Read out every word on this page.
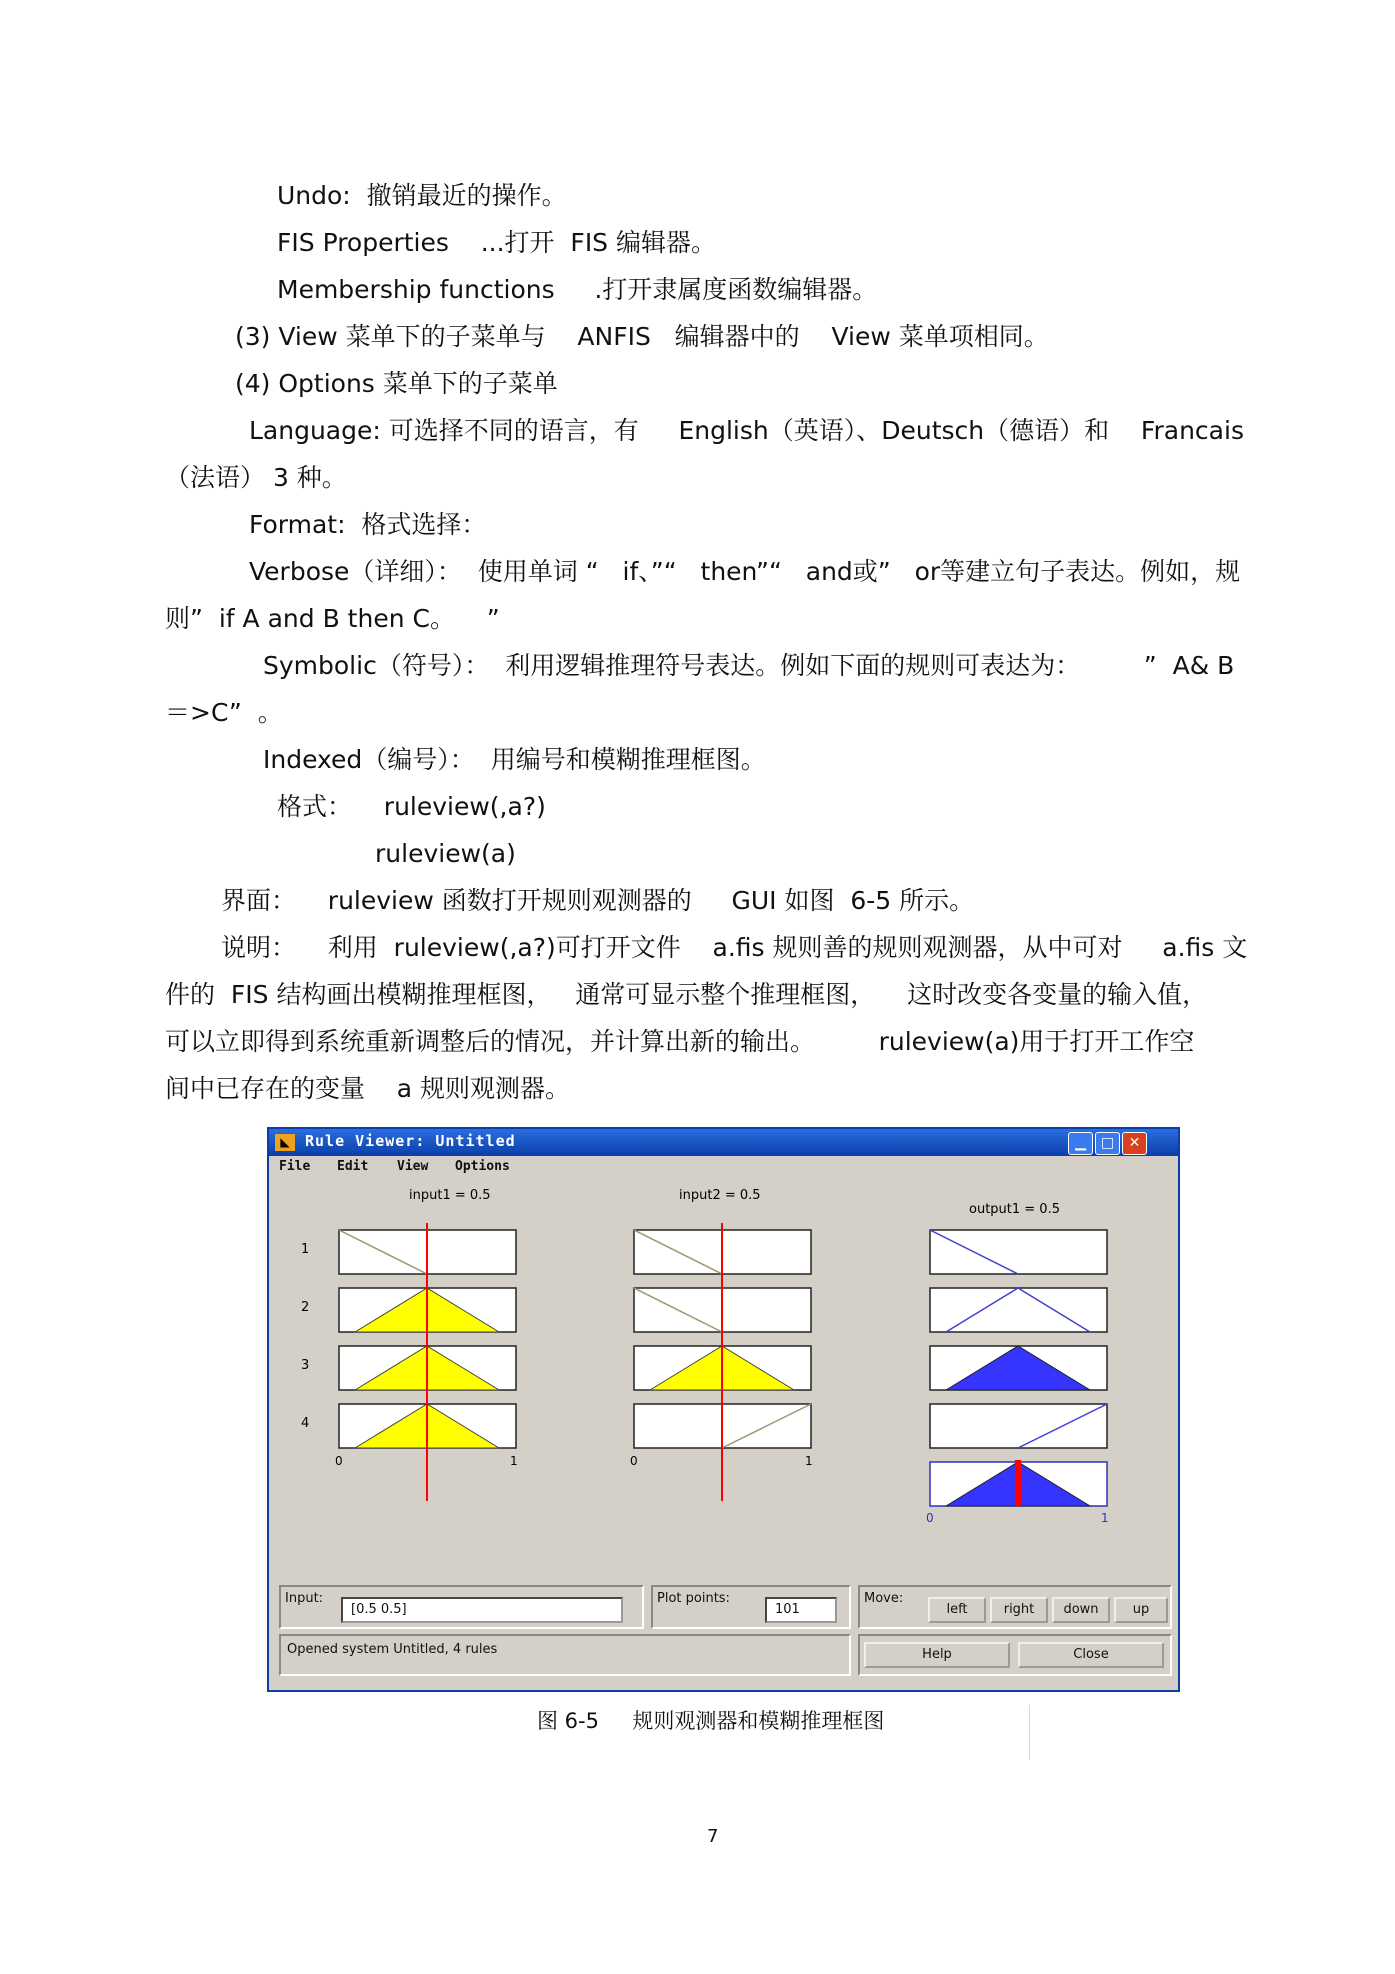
Undo:  撤销最近的操作。
FIS Properties    ...打开  FIS 编辑器。
Membership functions     .打开隶属度函数编辑器。
(3) View 菜单下的子菜单与    ANFIS   编辑器中的    View 菜单项相同。
(4) Options 菜单下的子菜单
Language: 可选择不同的语言，有     English（英语）、Deutsch（德语）和    Francais
（法语） 3 种。
Format:  格式选择：
Verbose（详细）：  使用单词 “   if、”“   then”“   and或”   or等建立句子表达。例如，规
则”  if A and B then C。    ”
Symbolic（符号）：  利用逻辑推理符号表达。例如下面的规则可表达为：        ”  A& B
＝>C”  。
Indexed（编号）：  用编号和模糊推理框图。
格式：    ruleview(,a?)
ruleview(a)
界面：    ruleview 函数打开规则观测器的     GUI 如图  6-5 所示。
说明：    利用  ruleview(,a?)可打开文件    a.fis 规则善的规则观测器，从中可对     a.fis 文
件的  FIS 结构画出模糊推理框图，   通常可显示整个推理框图，    这时改变各变量的输入值，
可以立即得到系统重新调整后的情况，并计算出新的输出。        ruleview(a)用于打开工作空
间中已存在的变量    a 规则观测器。
◣	Rule Viewer: Untitled	▁	□	✕
File Edit View Options
input1 = 0.5	input2 = 0.5
output1 = 0.5
1
2
3
4
0	1	0	1
0	1
Input:
[0.5 0.5]
Plot points:
101
Move:
left	right	down	up
Opened system Untitled, 4 rules	Help	Close
图 6-5     规则观测器和模糊推理框图
7
